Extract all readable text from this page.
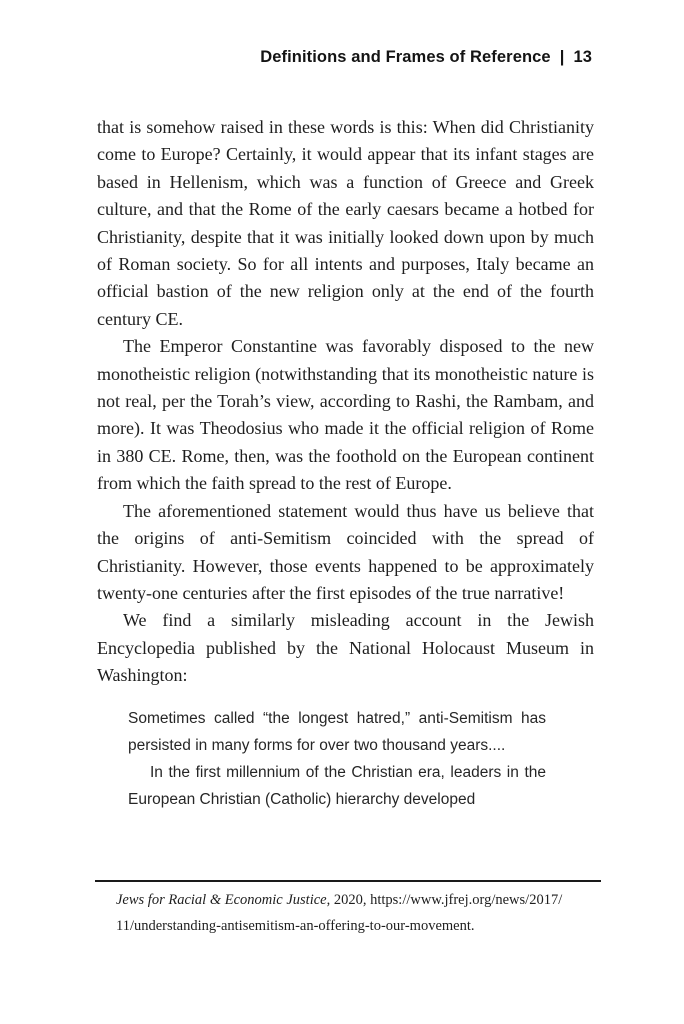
Definitions and Frames of Reference | 13

that is somehow raised in these words is this: When did Christianity come to Europe? Certainly, it would appear that its infant stages are based in Hellenism, which was a function of Greece and Greek culture, and that the Rome of the early caesars became a hotbed for Christianity, despite that it was initially looked down upon by much of Roman society. So for all intents and purposes, Italy became an official bastion of the new religion only at the end of the fourth century CE.

The Emperor Constantine was favorably disposed to the new monotheistic religion (notwithstanding that its monotheistic nature is not real, per the Torah’s view, according to Rashi, the Rambam, and more). It was Theodosius who made it the official religion of Rome in 380 CE. Rome, then, was the foothold on the European continent from which the faith spread to the rest of Europe.

The aforementioned statement would thus have us believe that the origins of anti-Semitism coincided with the spread of Christianity. However, those events happened to be approximately twenty-one centuries after the first episodes of the true narrative!

We find a similarly misleading account in the Jewish Encyclopedia published by the National Holocaust Museum in Washington:

Sometimes called “the longest hatred,” anti-Semitism has persisted in many forms for over two thousand years....

In the first millennium of the Christian era, leaders in the European Christian (Catholic) hierarchy developed

Jews for Racial & Economic Justice, 2020, https://www.jfrej.org/news/2017/
11/understanding-antisemitism-an-offering-to-our-movement.
